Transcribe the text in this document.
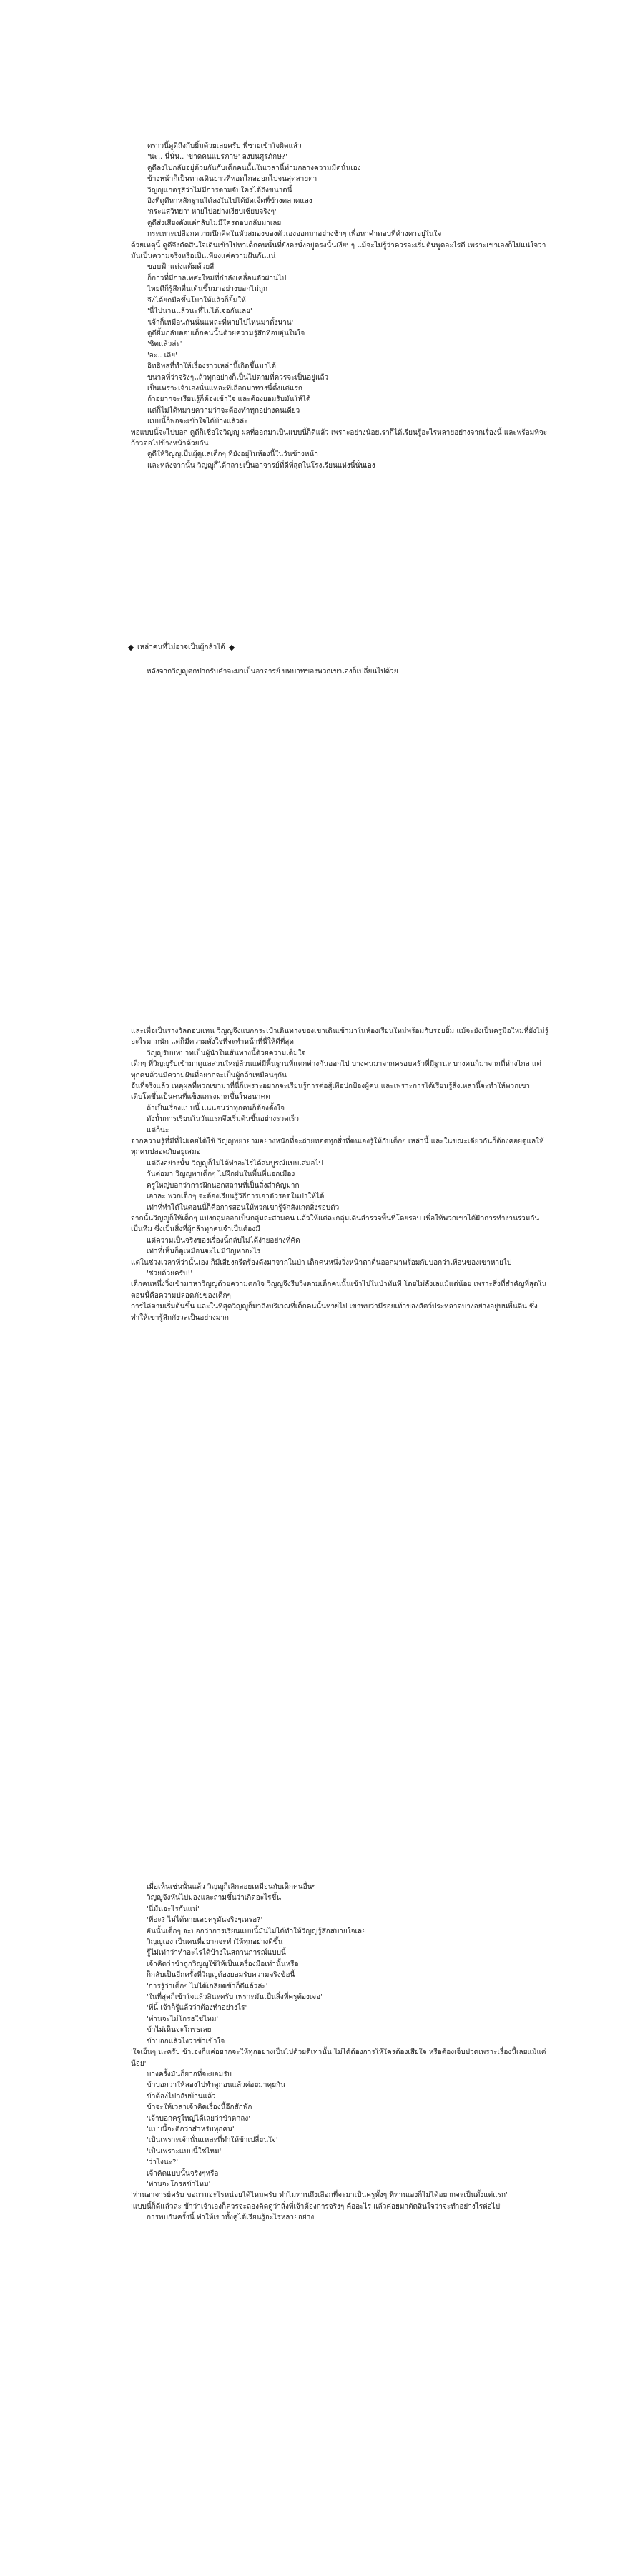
ดราวนี้ดูดีถึงกับยิ้มด้วยเลยครับ พี่ชายเข้าใจผิดแล้ว

'นะ.. นี่นั่น.. 'ขาดคนแปรภาษ' ลงบนศูรภักษ?'

ดูดีลงไปกลับอยู่ด้วยกันกับเด็กคนนั้นในเวลานี้ท่ามกลางความมืดนั่นเอง

ข้างหน้าก็เป็นทางเดินยาวที่ทอดไกลออกไปจนสุดสายตา

วิญญูแกตรุสิว่าไม่มีการตามจับใครได้ถึงขนาดนี้

อิงที่ดูดีหาหลักฐานได้ลงในไปได้ยัดเจ็ดที่ข้างตลาดแลง

'กระแสวิทยา' หายไปอย่างเงียบเชียบจริงๆ'

ดูดีส่งเสียงดังแต่กลับไม่มีใครตอบกลับมาเลย

กระเทาะเปลือกความนึกคิดในหัวสมองของตัวเองออกมาอย่างช้าๆ เพื่อหาคำตอบที่ค้างคาอยู่ในใจ

ด้วยเหตุนี้ ดูดีจึงตัดสินใจเดินเข้าไปหาเด็กคนนั้นที่ยังคงนั่งอยู่ตรงนั้นเงียบๆ แม้จะไม่รู้ว่าควรจะเริ่มต้นพูดอะไรดี เพราะเขาเองก็ไม่แน่ใจว่ามันเป็นความจริงหรือเป็นเพียงแค่ความฝันกันแน่

ขอบฟ้าแต่งแต้มด้วยสี

ก็กาวที่มีกาลเทศะใหม่ที่กำลังเคลื่อนตัวผ่านไป

ไทยดีก็รู้สึกตื่นเต้นขึ้นมาอย่างบอกไม่ถูก

จึงได้ยกมือขึ้นโบกให้แล้วก็ยิ้มให้

'นี่ไปนานแล้วนะที่ไม่ได้เจอกันเลย'

'เจ้าก็เหมือนกันนั่นแหละที่หายไปไหนมาตั้งนาน'

ดูดียิ้มกลับตอบเด็กคนนั้นด้วยความรู้สึกที่อบอุ่นในใจ

'ชิตแล้วล่ะ'

'อะ.. เลิย'

อิทธิพลที่ทำให้เรื่องราวเหล่านี้เกิดขึ้นมาได้

ขนาดที่ว่าจริงๆแล้วทุกอย่างก็เป็นไปตามที่ควรจะเป็นอยู่แล้ว

เป็นเพราะเจ้าเองนั่นแหละที่เลือกมาทางนี้ตั้งแต่แรก

ถ้าอยากจะเรียนรู้ก็ต้องเข้าใจ และต้องยอมรับมันให้ได้

แต่ก็ไม่ได้หมายความว่าจะต้องทำทุกอย่างคนเดียว

แบบนี้ก็พอจะเข้าใจได้บ้างแล้วล่ะ

พอแบบนี้จะไปบอก ดูดีก็เชื่อใจวิญญู ผลที่ออกมาเป็นแบบนี้ก็ดีแล้ว เพราะอย่างน้อยเราก็ได้เรียนรู้อะไรหลายอย่างจากเรื่องนี้ และพร้อมที่จะก้าวต่อไปข้างหน้าด้วยกัน

ดูดีให้วิญญูเป็นผู้ดูแลเด็กๆ ที่ยังอยู่ในห้องนี้ในวันข้างหน้า

และหลังจากนั้น วิญญูก็ได้กลายเป็นอาจารย์ที่ดีที่สุดในโรงเรียนแห่งนี้นั่นเอง

เหล่าคนที่ไม่อาจเป็นผู้กล้าได้
หลังจากวิญญูตกปากรับคำจะมาเป็นอาจารย์ บทบาทของพวกเขาเองก็เปลี่ยนไปด้วย

และเพื่อเป็นรางวัลตอบแทน วิญญูจึงแบกกระเป๋าเดินทางของเขาเดินเข้ามาในห้องเรียนใหม่พร้อมกับรอยยิ้ม แม้จะยังเป็นครูมือใหม่ที่ยังไม่รู้อะไรมากนัก แต่ก็มีความตั้งใจที่จะทำหน้าที่นี้ให้ดีที่สุด

วิญญูรับบทบาทเป็นผู้นำในเส้นทางนี้ด้วยความเต็มใจ

เด็กๆ ที่วิญญูรับเข้ามาดูแลส่วนใหญ่ล้วนแต่มีพื้นฐานที่แตกต่างกันออกไป บางคนมาจากครอบครัวที่มีฐานะ บางคนก็มาจากที่ห่างไกล แต่ทุกคนล้วนมีความฝันที่อยากจะเป็นผู้กล้าเหมือนๆกัน

อันที่จริงแล้ว เหตุผลที่พวกเขามาที่นี่ก็เพราะอยากจะเรียนรู้การต่อสู้เพื่อปกป้องผู้คน และเพราะการได้เรียนรู้สิ่งเหล่านี้จะทำให้พวกเขาเติบโตขึ้นเป็นคนที่แข็งแกร่งมากขึ้นในอนาคต

ถ้าเป็นเรื่องแบบนี้ แน่นอนว่าทุกคนก็ต้องตั้งใจ

ดังนั้นการเรียนในวันแรกจึงเริ่มต้นขึ้นอย่างรวดเร็ว

แต่ก็นะ

จากความรู้ที่มีที่ไม่เคยได้ใช้ วิญญูพยายามอย่างหนักที่จะถ่ายทอดทุกสิ่งที่ตนเองรู้ให้กับเด็กๆ เหล่านี้ และในขณะเดียวกันก็ต้องคอยดูแลให้ทุกคนปลอดภัยอยู่เสมอ

แต่ถึงอย่างนั้น วิญญูก็ไม่ได้ทำอะไรได้สมบูรณ์แบบเสมอไป

วันต่อมา วิญญูพาเด็กๆ ไปฝึกฝนในพื้นที่นอกเมือง

ครูใหญ่บอกว่าการฝึกนอกสถานที่เป็นสิ่งสำคัญมาก

เอาละ พวกเด็กๆ จะต้องเรียนรู้วิธีการเอาตัวรอดในป่าให้ได้

เท่าที่ทำได้ในตอนนี้ก็คือการสอนให้พวกเขารู้จักสังเกตสิ่งรอบตัว

จากนั้นวิญญูก็ให้เด็กๆ แบ่งกลุ่มออกเป็นกลุ่มละสามคน แล้วให้แต่ละกลุ่มเดินสำรวจพื้นที่โดยรอบ เพื่อให้พวกเขาได้ฝึกการทำงานร่วมกันเป็นทีม ซึ่งเป็นสิ่งที่ผู้กล้าทุกคนจำเป็นต้องมี

แต่ความเป็นจริงของเรื่องนี้กลับไม่ได้ง่ายอย่างที่คิด

เท่าที่เห็นก็ดูเหมือนจะไม่มีปัญหาอะไร

แต่ในช่วงเวลาที่ว่านั้นเอง ก็มีเสียงกรีดร้องดังมาจากในป่า เด็กคนหนึ่งวิ่งหน้าตาตื่นออกมาพร้อมกับบอกว่าเพื่อนของเขาหายไป

'ช่วยด้วยครับ!'

เด็กคนหนึ่งวิ่งเข้ามาหาวิญญูด้วยความตกใจ วิญญูจึงรีบวิ่งตามเด็กคนนั้นเข้าไปในป่าทันที โดยไม่ลังเลแม้แต่น้อย เพราะสิ่งที่สำคัญที่สุดในตอนนี้คือความปลอดภัยของเด็กๆ

การไล่ตามเริ่มต้นขึ้น และในที่สุดวิญญูก็มาถึงบริเวณที่เด็กคนนั้นหายไป เขาพบว่ามีรอยเท้าของสัตว์ประหลาดบางอย่างอยู่บนพื้นดิน ซึ่งทำให้เขารู้สึกกังวลเป็นอย่างมาก

เมื่อเห็นเช่นนั้นแล้ว วิญญูก็เลิกลอยเหมือนกับเด็กคนอื่นๆ

วิญญูจึงหันไปมองและถามขึ้นว่าเกิดอะไรขึ้น

'นี่มันอะไรกันแน่'

'ทีอะ? ไม่ได้หายเลยครูมันจริงๆเหรอ?'

อันนั้นเด็กๆ จะบอกว่าการเรียนแบบนี้มันไม่ได้ทำให้วิญญูรู้สึกสบายใจเลย

วิญญูเอง เป็นคนที่อยากจะทำให้ทุกอย่างดีขึ้น

รู้ไม่เท่าว่าทำอะไรได้บ้างในสถานการณ์แบบนี้

เจ้าคิดว่าข้าถูกวิญญูใช้ให้เป็นเครื่องมือเท่านั้นหรือ

ก็กลับเป็นอีกครั้งที่วิญญูต้องยอมรับความจริงข้อนี้

'การรู้ว่าเด็กๆ ไม่ได้เกลียดข้าก็ดีแล้วล่ะ'

'ในที่สุดก็เข้าใจแล้วสินะครับ เพราะมันเป็นสิ่งที่ครูต้องเจอ'

'ทีนี้ เจ้าก็รู้แล้วว่าต้องทำอย่างไร'

'ท่านจะไม่โกรธใช่ไหม'

ข้าไม่เห็นจะโกรธเลย

ข้าบอกแล้วไงว่าข้าเข้าใจ

'ใจเย็นๆ นะครับ ข้าเองก็แค่อยากจะให้ทุกอย่างเป็นไปด้วยดีเท่านั้น ไม่ได้ต้องการให้ใครต้องเสียใจ หรือต้องเจ็บปวดเพราะเรื่องนี้เลยแม้แต่น้อย'

บางครั้งมันก็ยากที่จะยอมรับ

ข้าบอกว่าให้ลองไปทำดูก่อนแล้วค่อยมาคุยกัน

ข้าต้องไปกลับบ้านแล้ว

ข้าจะให้เวลาเจ้าคิดเรื่องนี้อีกสักพัก

'เจ้าบอกครูใหญ่ได้เลยว่าข้าตกลง'

'แบบนี้จะดีกว่าสำหรับทุกคน'

'เป็นเพราะเจ้านั่นแหละที่ทำให้ข้าเปลี่ยนใจ'

'เป็นเพราะแบบนี้ใช่ไหม'

'ว่าไงนะ?'

เจ้าคิดแบบนั้นจริงๆหรือ

'ท่านจะโกรธข้าไหม'

'ท่านอาจารย์ครับ ขอถามอะไรหน่อยได้ไหมครับ ทำไมท่านถึงเลือกที่จะมาเป็นครูทั้งๆ ที่ท่านเองก็ไม่ได้อยากจะเป็นตั้งแต่แรก'

'แบบนี้ก็ดีแล้วล่ะ ข้าว่าเจ้าเองก็ควรจะลองคิดดูว่าสิ่งที่เจ้าต้องการจริงๆ คืออะไร แล้วค่อยมาตัดสินใจว่าจะทำอย่างไรต่อไป'

การพบกันครั้งนี้ ทำให้เขาทั้งคู่ได้เรียนรู้อะไรหลายอย่าง
